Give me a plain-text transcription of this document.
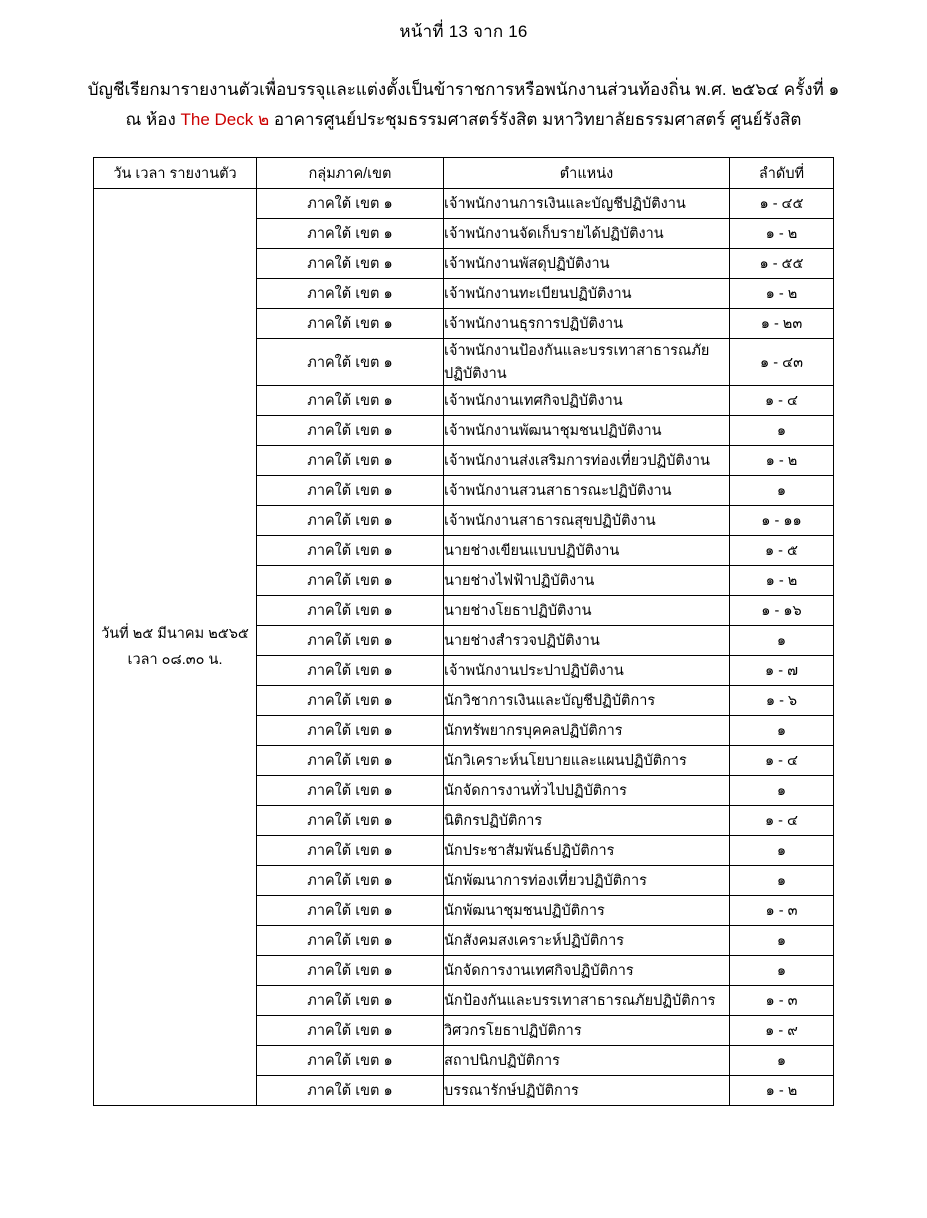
หน้าที่ 13 จาก 16
บัญชีเรียกมารายงานตัวเพื่อบรรจุและแต่งตั้งเป็นข้าราชการหรือพนักงานส่วนท้องถิ่น พ.ศ. ๒๕๖๔ ครั้งที่ ๑
ณ ห้อง The Deck ๒ อาคารศูนย์ประชุมธรรมศาสตร์รังสิต มหาวิทยาลัยธรรมศาสตร์ ศูนย์รังสิต
วัน เวลา รายงานตัว	กลุ่มภาค/เขต	ตำแหน่ง	ลำดับที่

วันที่ ๒๕ มีนาคม ๒๕๖๕
เวลา ๐๘.๓๐ น.	ภาคใต้ เขต ๑	เจ้าพนักงานการเงินและบัญชีปฏิบัติงาน	๑ - ๔๕
	ภาคใต้ เขต ๑	เจ้าพนักงานจัดเก็บรายได้ปฏิบัติงาน	๑ - ๒
	ภาคใต้ เขต ๑	เจ้าพนักงานพัสดุปฏิบัติงาน	๑ - ๕๕
	ภาคใต้ เขต ๑	เจ้าพนักงานทะเบียนปฏิบัติงาน	๑ - ๒
	ภาคใต้ เขต ๑	เจ้าพนักงานธุรการปฏิบัติงาน	๑ - ๒๓
	ภาคใต้ เขต ๑	เจ้าพนักงานป้องกันและบรรเทาสาธารณภัยปฏิบัติงาน	๑ - ๔๓
	ภาคใต้ เขต ๑	เจ้าพนักงานเทศกิจปฏิบัติงาน	๑ - ๔
	ภาคใต้ เขต ๑	เจ้าพนักงานพัฒนาชุมชนปฏิบัติงาน	๑
	ภาคใต้ เขต ๑	เจ้าพนักงานส่งเสริมการท่องเที่ยวปฏิบัติงาน	๑ - ๒
	ภาคใต้ เขต ๑	เจ้าพนักงานสวนสาธารณะปฏิบัติงาน	๑
	ภาคใต้ เขต ๑	เจ้าพนักงานสาธารณสุขปฏิบัติงาน	๑ - ๑๑
	ภาคใต้ เขต ๑	นายช่างเขียนแบบปฏิบัติงาน	๑ - ๕
	ภาคใต้ เขต ๑	นายช่างไฟฟ้าปฏิบัติงาน	๑ - ๒
	ภาคใต้ เขต ๑	นายช่างโยธาปฏิบัติงาน	๑ - ๑๖
	ภาคใต้ เขต ๑	นายช่างสำรวจปฏิบัติงาน	๑
	ภาคใต้ เขต ๑	เจ้าพนักงานประปาปฏิบัติงาน	๑ - ๗
	ภาคใต้ เขต ๑	นักวิชาการเงินและบัญชีปฏิบัติการ	๑ - ๖
	ภาคใต้ เขต ๑	นักทรัพยากรบุคคลปฏิบัติการ	๑
	ภาคใต้ เขต ๑	นักวิเคราะห์นโยบายและแผนปฏิบัติการ	๑ - ๔
	ภาคใต้ เขต ๑	นักจัดการงานทั่วไปปฏิบัติการ	๑
	ภาคใต้ เขต ๑	นิติกรปฏิบัติการ	๑ - ๔
	ภาคใต้ เขต ๑	นักประชาสัมพันธ์ปฏิบัติการ	๑
	ภาคใต้ เขต ๑	นักพัฒนาการท่องเที่ยวปฏิบัติการ	๑
	ภาคใต้ เขต ๑	นักพัฒนาชุมชนปฏิบัติการ	๑ - ๓
	ภาคใต้ เขต ๑	นักสังคมสงเคราะห์ปฏิบัติการ	๑
	ภาคใต้ เขต ๑	นักจัดการงานเทศกิจปฏิบัติการ	๑
	ภาคใต้ เขต ๑	นักป้องกันและบรรเทาสาธารณภัยปฏิบัติการ	๑ - ๓
	ภาคใต้ เขต ๑	วิศวกรโยธาปฏิบัติการ	๑ - ๙
	ภาคใต้ เขต ๑	สถาปนิกปฏิบัติการ	๑
	ภาคใต้ เขต ๑	บรรณารักษ์ปฏิบัติการ	๑ - ๒
